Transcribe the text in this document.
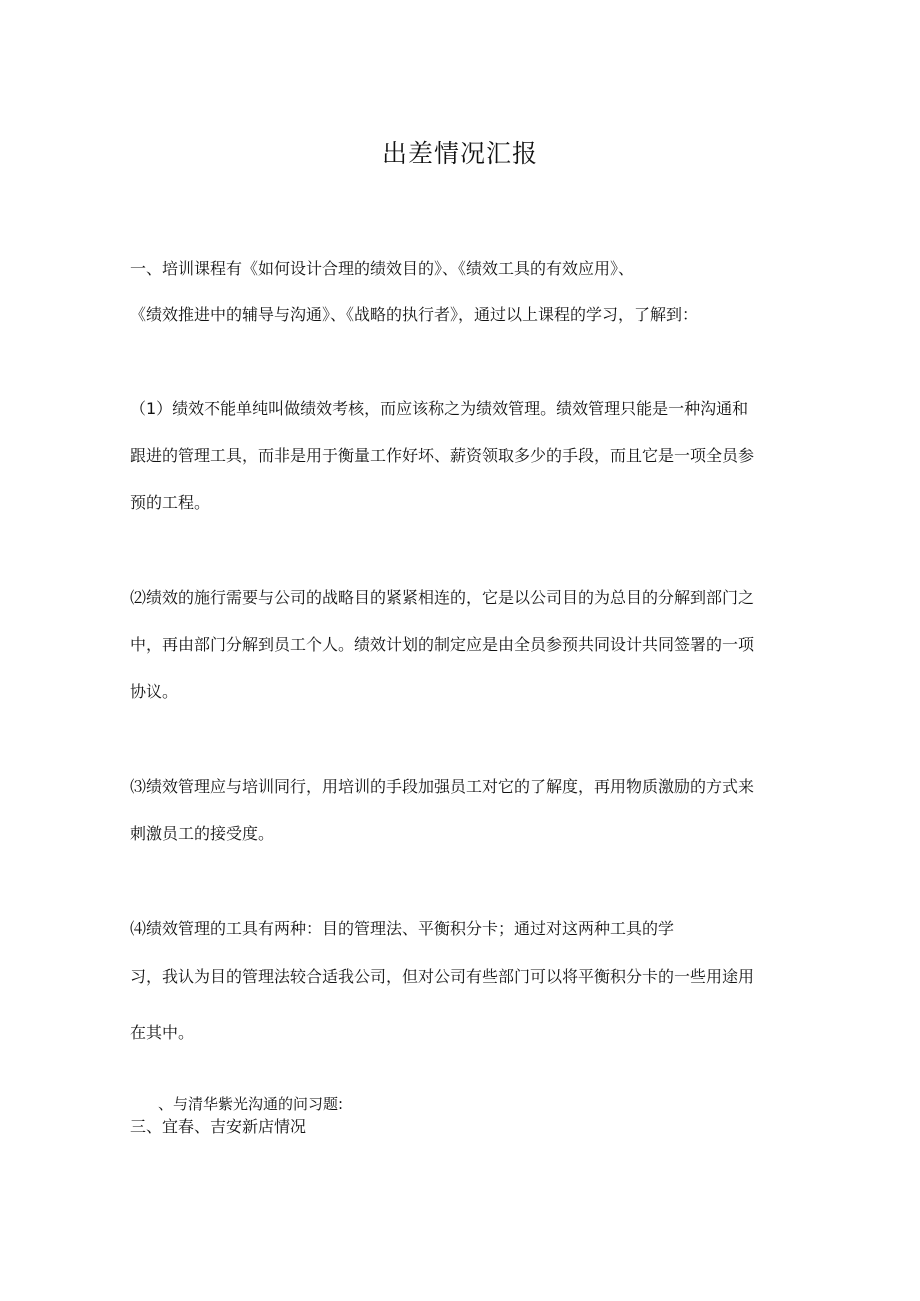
出差情况汇报
一、培训课程有《如何设计合理的绩效目的》、《绩效工具的有效应用》、
《绩效推进中的辅导与沟通》、《战略的执行者》，通过以上课程的学习，了解到：
（1）绩效不能单纯叫做绩效考核，而应该称之为绩效管理。绩效管理只能是一种沟通和
跟进的管理工具，而非是用于衡量工作好坏、薪资领取多少的手段，而且它是一项全员参
预的工程。
⑵绩效的施行需要与公司的战略目的紧紧相连的，它是以公司目的为总目的分解到部门之
中，再由部门分解到员工个人。绩效计划的制定应是由全员参预共同设计共同签署的一项
协议。
⑶绩效管理应与培训同行，用培训的手段加强员工对它的了解度，再用物质激励的方式来
刺激员工的接受度。
⑷绩效管理的工具有两种：目的管理法、平衡积分卡；通过对这两种工具的学
习，我认为目的管理法较合适我公司，但对公司有些部门可以将平衡积分卡的一些用途用
在其中。
、与清华紫光沟通的问习题:
三、宜春、吉安新店情况
